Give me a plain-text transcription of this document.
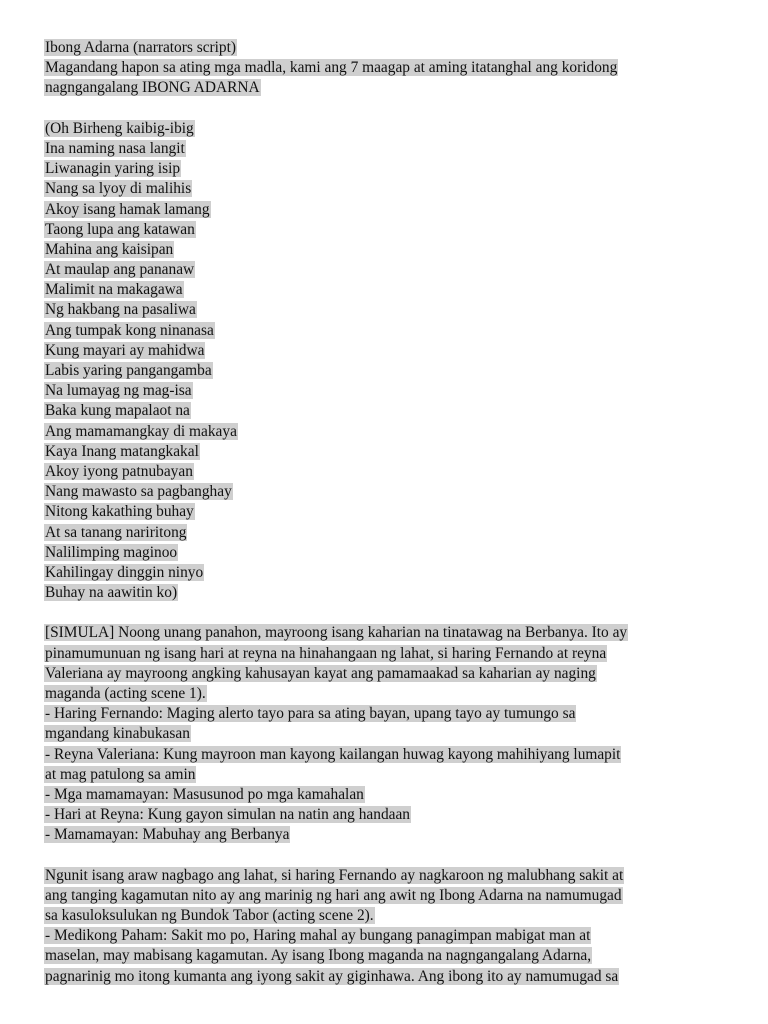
Ibong Adarna (narrators script)
Magandang hapon sa ating mga madla, kami ang 7 maagap at aming itatanghal ang koridong
nagngangalang IBONG ADARNA
(Oh Birheng kaibig-ibig
Ina naming nasa langit
Liwanagin yaring isip
Nang sa lyoy di malihis
Akoy isang hamak lamang
Taong lupa ang katawan
Mahina ang kaisipan
At maulap ang pananaw
Malimit na makagawa
Ng hakbang na pasaliwa
Ang tumpak kong ninanasa
Kung mayari ay mahidwa
Labis yaring pangangamba
Na lumayag ng mag-isa
Baka kung mapalaot na
Ang mamamangkay di makaya
Kaya Inang matangkakal
Akoy iyong patnubayan
Nang mawasto sa pagbanghay
Nitong kakathing buhay
At sa tanang nariritong
Nalilimping maginoo
Kahilingay dinggin ninyo
Buhay na aawitin ko)
[SIMULA] Noong unang panahon, mayroong isang kaharian na tinatawag na Berbanya. Ito ay
pinamumunuan ng isang hari at reyna na hinahangaan ng lahat, si haring Fernando at reyna
Valeriana ay mayroong angking kahusayan kayat ang pamamaakad sa kaharian ay naging
maganda (acting scene 1).
- Haring Fernando: Maging alerto tayo para sa ating bayan, upang tayo ay tumungo sa
mgandang kinabukasan
- Reyna Valeriana: Kung mayroon man kayong kailangan huwag kayong mahihiyang lumapit
at mag patulong sa amin
- Mga mamamayan: Masusunod po mga kamahalan
- Hari at Reyna: Kung gayon simulan na natin ang handaan
- Mamamayan: Mabuhay ang Berbanya
Ngunit isang araw nagbago ang lahat, si haring Fernando ay nagkaroon ng malubhang sakit at
ang tanging kagamutan nito ay ang marinig ng hari ang awit ng Ibong Adarna na namumugad
sa kasuloksulukan ng Bundok Tabor (acting scene 2).
- Medikong Paham: Sakit mo po, Haring mahal ay bungang panagimpan mabigat man at
maselan, may mabisang kagamutan. Ay isang Ibong maganda na nagngangalang Adarna,
pagnarinig mo itong kumanta ang iyong sakit ay giginhawa. Ang ibong ito ay namumugad sa
